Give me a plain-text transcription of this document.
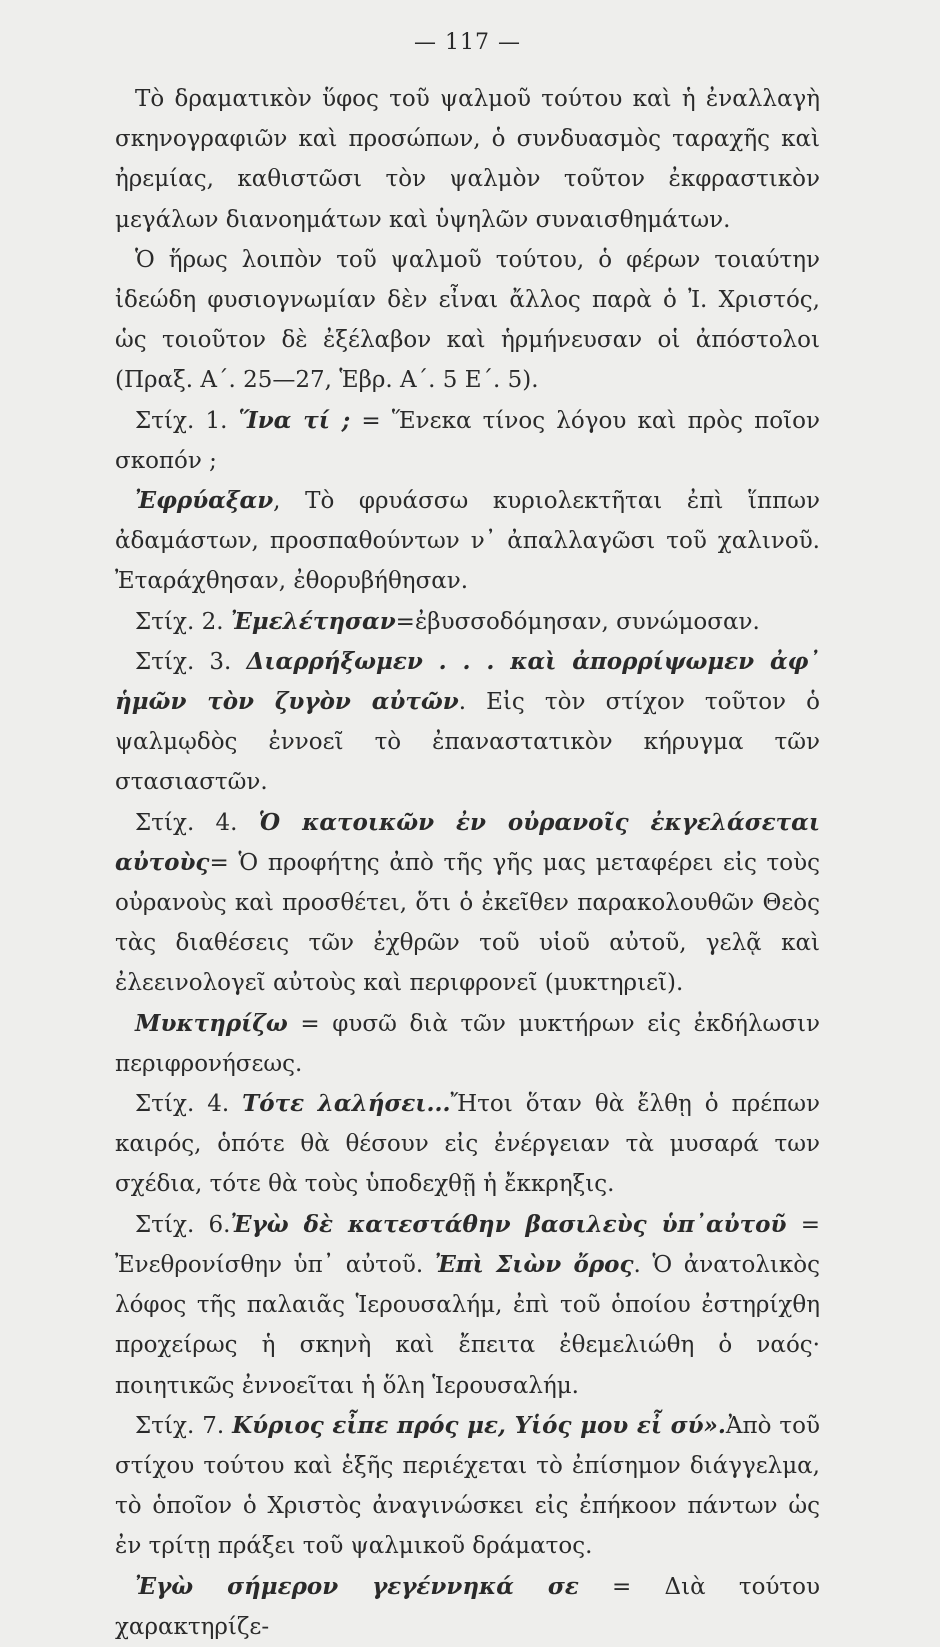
— 117 —

Τὸ δραματικὸν ὕφος τοῦ ψαλμοῦ τούτου καὶ ἡ ἐναλλαγὴ σκηνογραφιῶν καὶ προσώπων, ὁ συνδυασμὸς ταραχῆς καὶ ἠρεμίας, καθιστῶσι τὸν ψαλμὸν τοῦτον ἐκφραστικὸν μεγάλων διανοημάτων καὶ ὑψηλῶν συναισθημάτων.

Ὁ ἥρως λοιπὸν τοῦ ψαλμοῦ τούτου, ὁ φέρων τοιαύτην ἰδεώδη φυσιογνωμίαν δὲν εἶναι ἄλλος παρὰ ὁ Ἰ. Χριστός, ὡς τοιοῦτον δὲ ἐξέλαβον καὶ ἡρμήνευσαν οἱ ἀπόστολοι (Πραξ. Α΄. 25—27, Ἑβρ. Α΄. 5 Ε΄. 5).

Στίχ. 1. Ἵνα τί ; = Ἕνεκα τίνος λόγου καὶ πρὸς ποῖον σκοπόν ;

Ἐφρύαξαν, Τὸ φρυάσσω κυριολεκτῆται ἐπὶ ἵππων ἀδαμάστων, προσπαθούντων ν᾽ ἀπαλλαγῶσι τοῦ χαλινοῦ. Ἐταράχθησαν, ἐθορυβήθησαν.

Στίχ. 2. Ἐμελέτησαν=ἐβυσσοδόμησαν, συνώμοσαν.

Στίχ. 3. Διαρρήξωμεν . . . καὶ ἀπορρίψωμεν ἀφ᾽ ἡμῶν τὸν ζυγὸν αὐτῶν. Εἰς τὸν στίχον τοῦτον ὁ ψαλμῳδὸς ἐννοεῖ τὸ ἐπαναστατικὸν κήρυγμα τῶν στασιαστῶν.

Στίχ. 4. Ὁ κατοικῶν ἐν οὐρανοῖς ἐκγελάσεται αὐτοὺς= Ὁ προφήτης ἀπὸ τῆς γῆς μας μεταφέρει εἰς τοὺς οὐρανοὺς καὶ προσθέτει, ὅτι ὁ ἐκεῖθεν παρακολουθῶν Θεὸς τὰς διαθέσεις τῶν ἐχθρῶν τοῦ υἱοῦ αὐτοῦ, γελᾷ καὶ ἐλεεινολογεῖ αὐτοὺς καὶ περιφρονεῖ (μυκτηριεῖ).

Μυκτηρίζω = φυσῶ διὰ τῶν μυκτήρων εἰς ἐκδήλωσιν περιφρονήσεως.

Στίχ. 4. Τότε λαλήσει...Ἤτοι ὅταν θὰ ἔλθῃ ὁ πρέπων καιρός, ὁπότε θὰ θέσουν εἰς ἐνέργειαν τὰ μυσαρά των σχέδια, τότε θὰ τοὺς ὑποδεχθῇ ἡ ἔκκρηξις.

Στίχ. 6.Ἐγὼ δὲ κατεστάθην βασιλεὺς ὑπ᾽αὐτοῦ = Ἐνεθρονίσθην ὑπ᾽ αὐτοῦ. Ἐπὶ Σιὼν ὄρος. Ὁ ἀνατολικὸς λόφος τῆς παλαιᾶς Ἱερουσαλήμ, ἐπὶ τοῦ ὁποίου ἐστηρίχθη προχείρως ἡ σκηνὴ καὶ ἔπειτα ἐθεμελιώθη ὁ ναός· ποιητικῶς ἐννοεῖται ἡ ὅλη Ἱερουσαλήμ.

Στίχ. 7. Κύριος εἶπε πρός με, Υἱός μου εἶ σύ».Ἀπὸ τοῦ στίχου τούτου καὶ ἑξῆς περιέχεται τὸ ἐπίσημον διάγγελμα, τὸ ὁποῖον ὁ Χριστὸς ἀναγινώσκει εἰς ἐπήκοον πάντων ὡς ἐν τρίτῃ πράξει τοῦ ψαλμικοῦ δράματος.

Ἐγὼ σήμερον γεγέννηκά σε = Διὰ τούτου χαρακτηρίζε-
